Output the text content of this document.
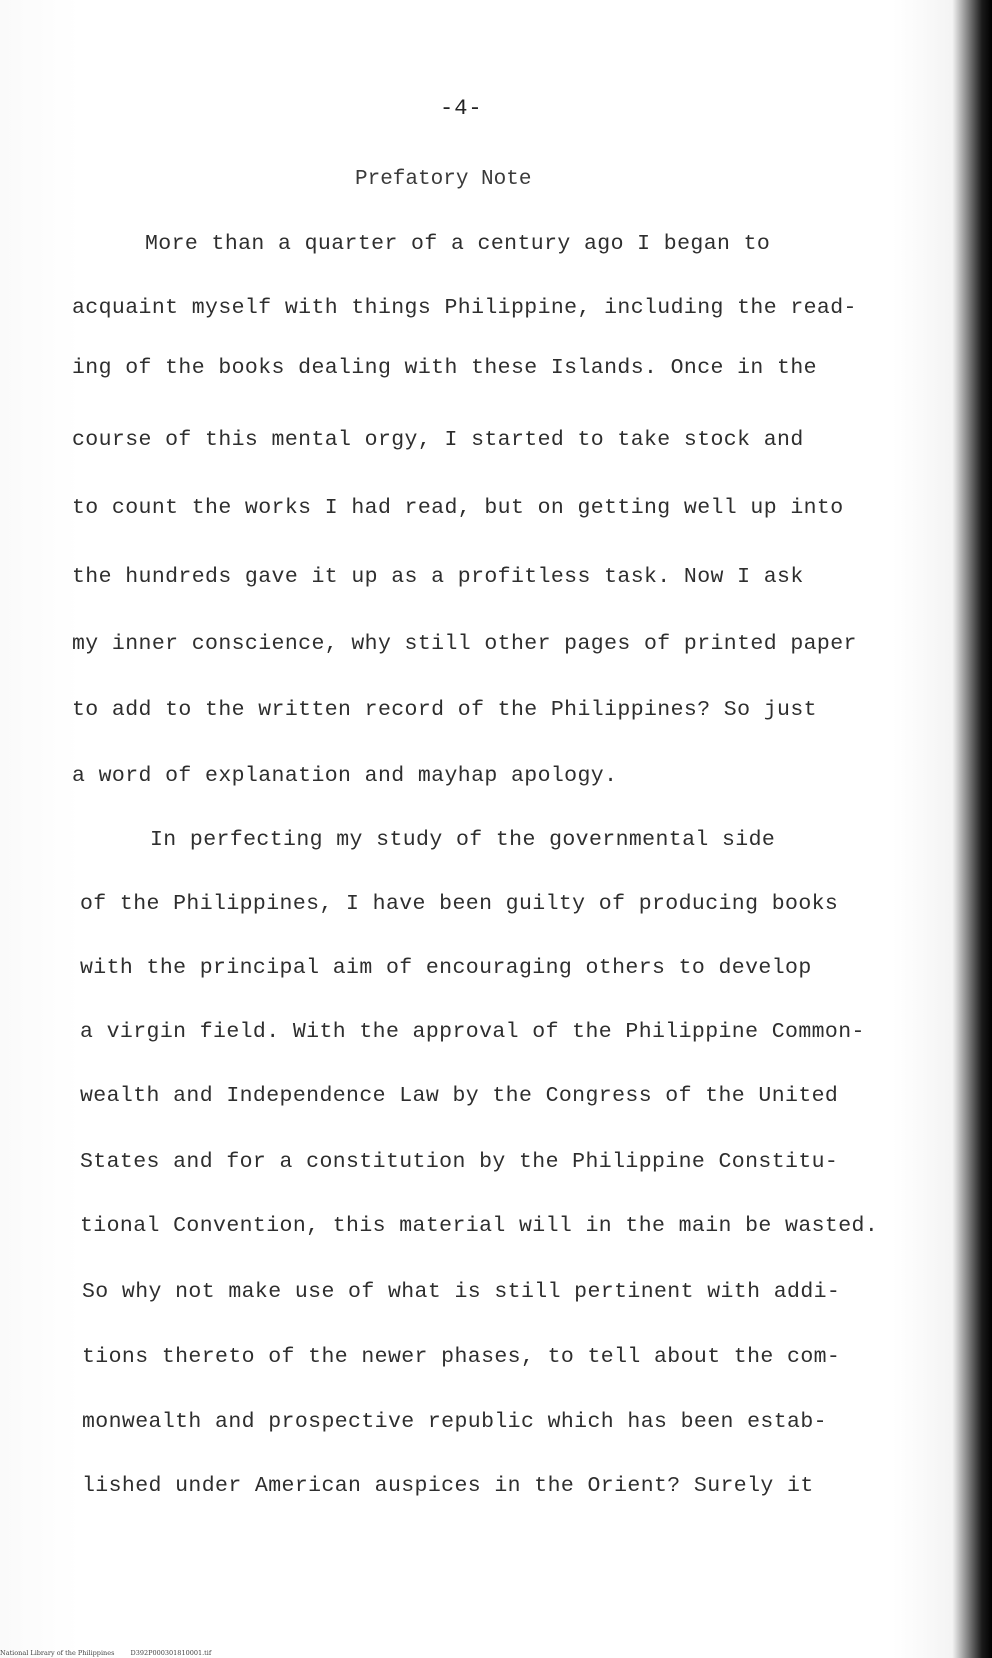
-4-
Prefatory Note
More than a quarter of a century ago I began to
acquaint myself with things Philippine, including the read-
ing of the books dealing with these Islands. Once in the
course of this mental orgy, I started to take stock and
to count the works I had read, but on getting well up into
the hundreds gave it up as a profitless task. Now I ask
my inner conscience, why still other pages of printed paper
to add to the written record of the Philippines? So just
a word of explanation and mayhap apology.
In perfecting my study of the governmental side
of the Philippines, I have been guilty of producing books
with the principal aim of encouraging others to develop
a virgin field. With the approval of the Philippine Common-
wealth and Independence Law by the Congress of the United
States and for a constitution by the Philippine Constitu-
tional Convention, this material will in the main be wasted.
So why not make use of what is still pertinent with addi-
tions thereto of the newer phases, to tell about the com-
monwealth and prospective republic which has been estab-
lished under American auspices in the Orient? Surely it
National Library of the Philippines D392P000301810001.tif
